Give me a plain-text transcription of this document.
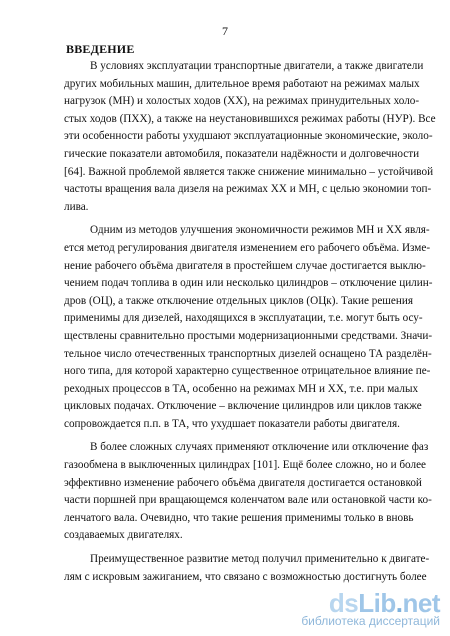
7
ВВЕДЕНИЕ

В условиях эксплуатации транспортные двигатели, а также двигатели
других мобильных машин, длительное время работают на режимах малых
нагрузок (МН) и холостых ходов (ХХ), на режимах принудительных холо-
стых ходов (ПХХ), а также на неустановившихся режимах работы (НУР). Все
эти особенности работы ухудшают эксплуатационные экономические, эколо-
гические показатели автомобиля, показатели надёжности и долговечности
[64]. Важной проблемой является также снижение минимально – устойчивой
частоты вращения вала дизеля на режимах ХХ и МН, с целью экономии топ-
лива.

Одним из методов улучшения экономичности режимов МН и ХХ явля-
ется метод регулирования двигателя изменением его рабочего объёма. Изме-
нение рабочего объёма двигателя в простейшем случае достигается выклю-
чением подач топлива в один или несколько цилиндров – отключение цилин-
дров (ОЦ), а также отключение отдельных циклов (ОЦк). Такие решения
применимы для дизелей, находящихся в эксплуатации, т.е. могут быть осу-
ществлены сравнительно простыми модернизационными средствами. Значи-
тельное число отечественных транспортных дизелей оснащено ТА разделён-
ного типа, для которой характерно существенное отрицательное влияние пе-
реходных процессов в ТА, особенно на режимах МН и ХХ, т.е. при малых
цикловых подачах. Отключение – включение цилиндров или циклов также
сопровождается п.п. в ТА, что ухудшает показатели работы двигателя.

В более сложных случаях применяют отключение или отключение фаз
газообмена в выключенных цилиндрах [101]. Ещё более сложно, но и более
эффективно изменение рабочего объёма двигателя достигается остановкой
части поршней при вращающемся коленчатом вале или остановкой части ко-
ленчатого вала. Очевидно, что такие решения применимы только в вновь
создаваемых двигателях.

Преимущественное развитие метод получил применительно к двигате-
лям с искровым зажиганием, что связано с возможностью достигнуть более

dsLib.net
библиотека диссертаций
